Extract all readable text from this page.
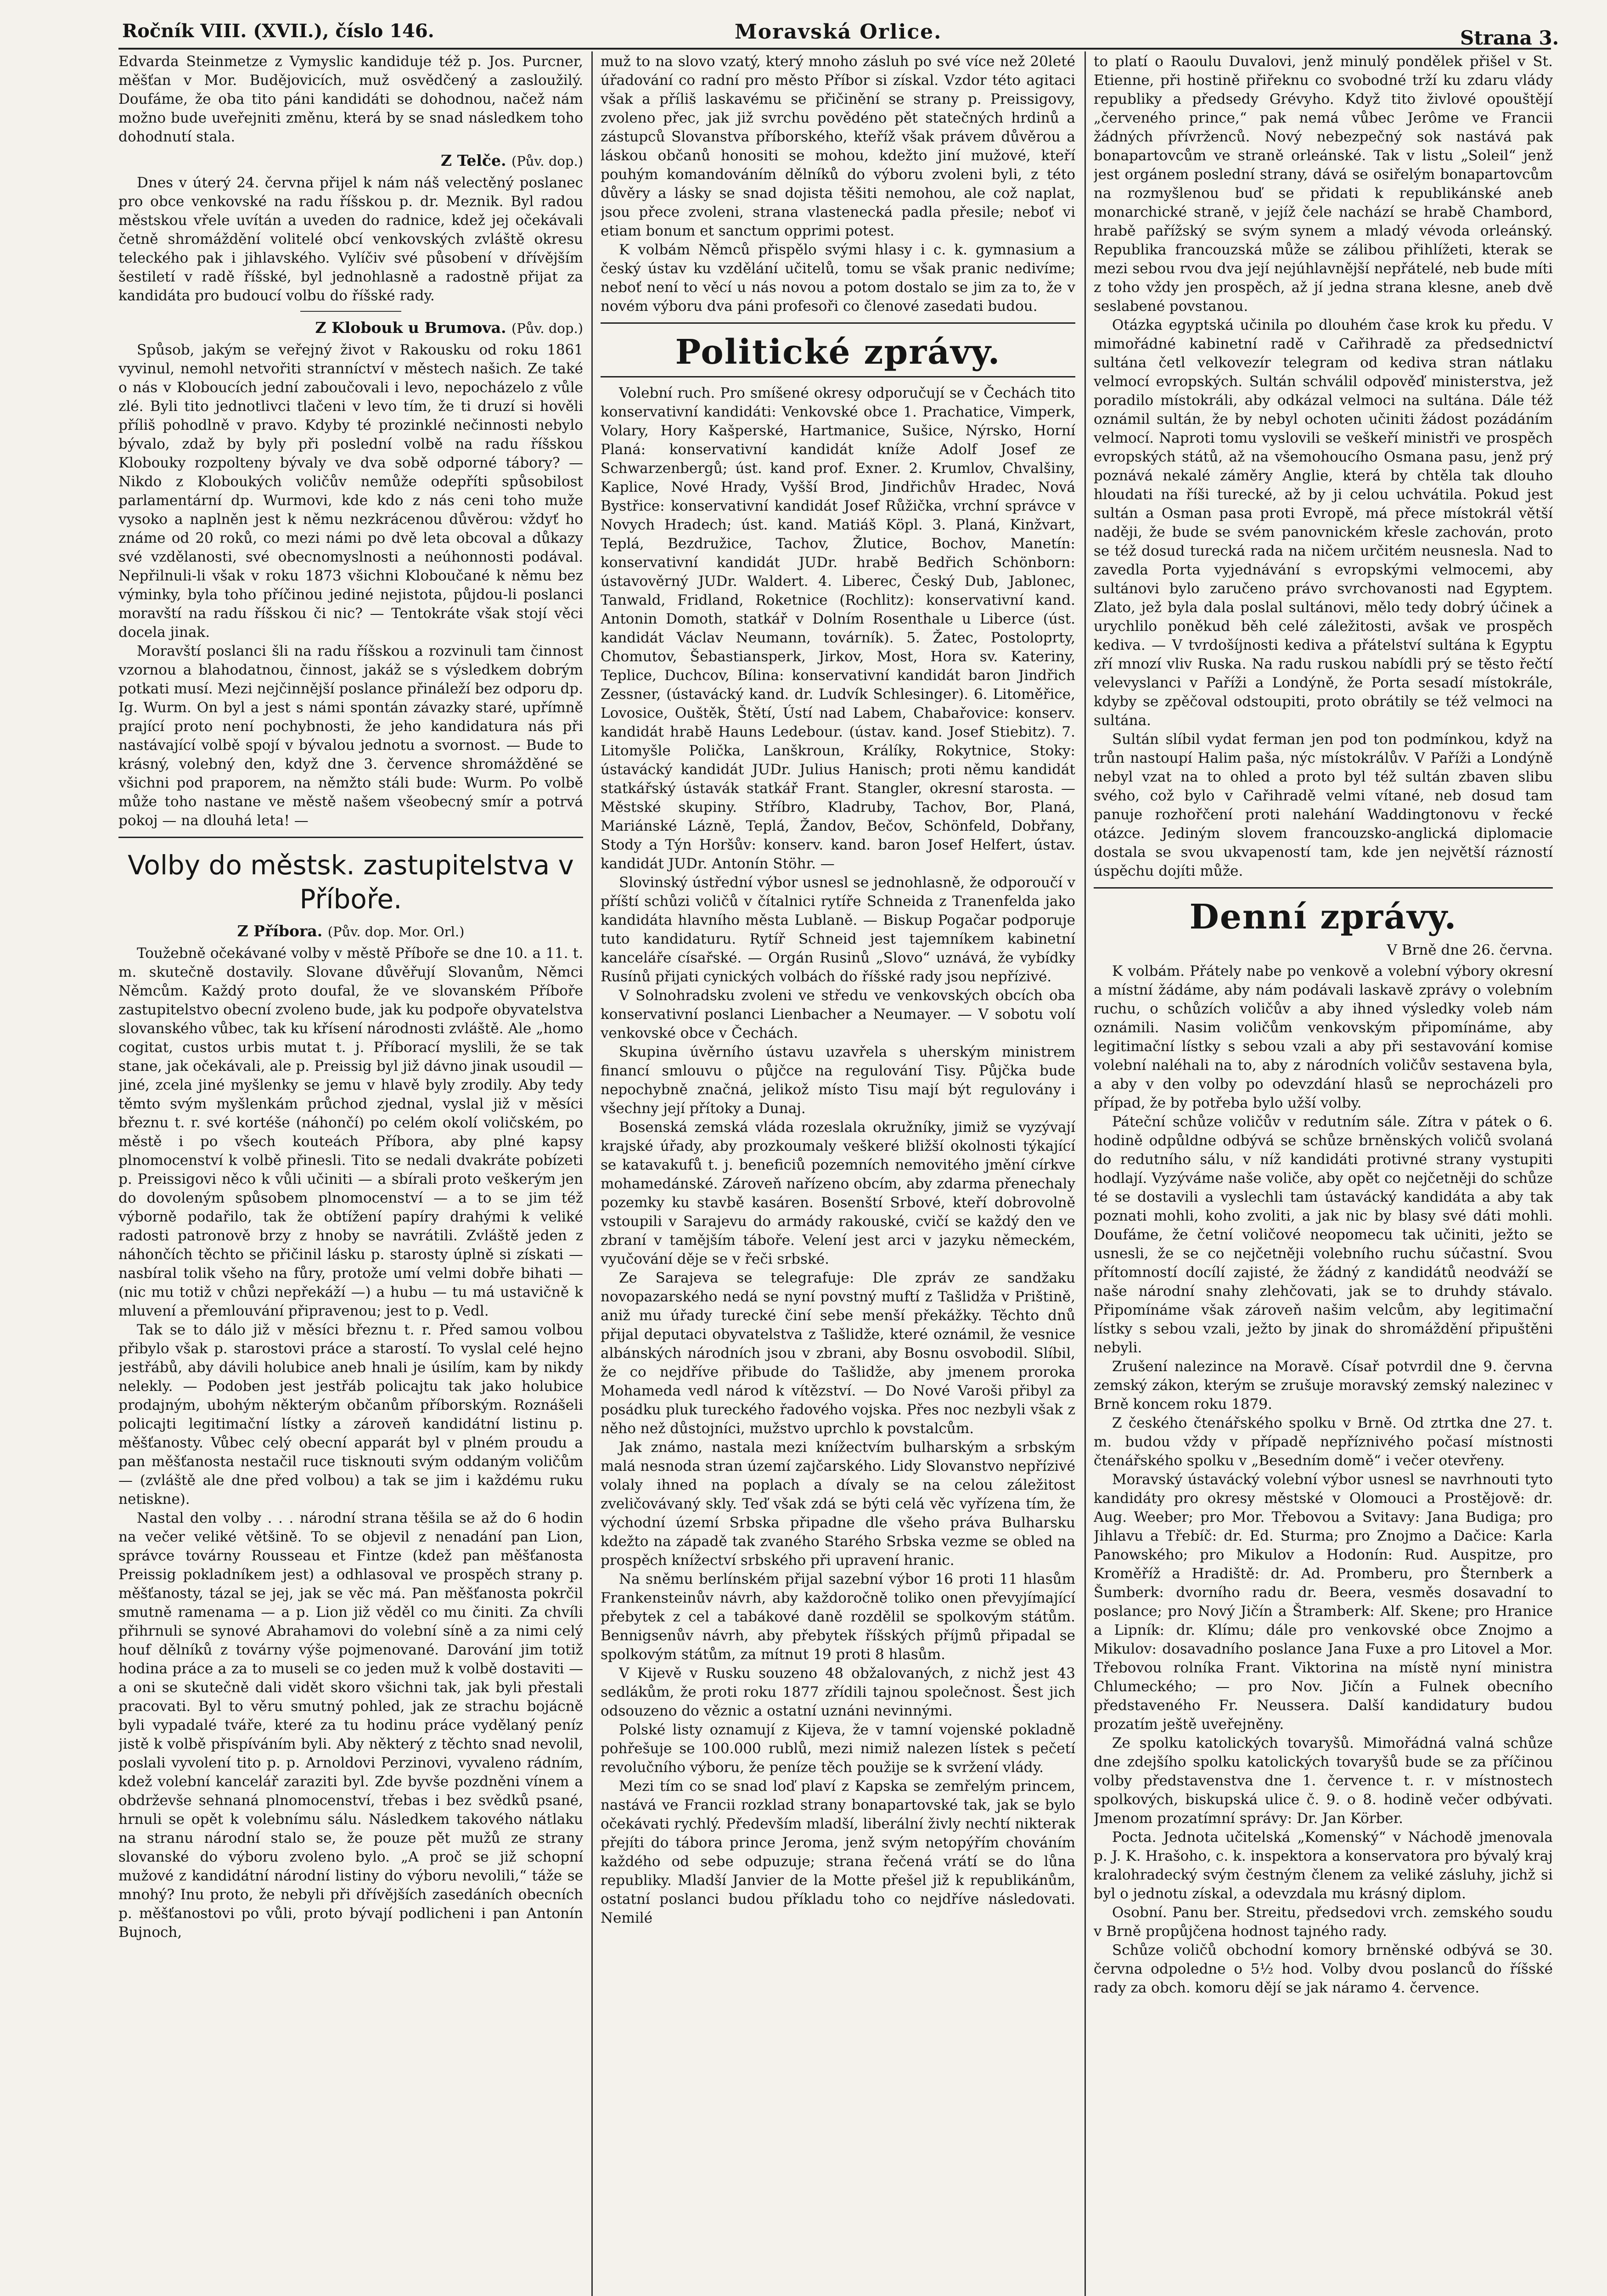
Ročník VIII. (XVII.), číslo 146.	Moravská Orlice.	Strana 3.

Edvarda Steinmetze z Vymyslic kandiduje též p. Jos. Purcner, měšťan v Mor. Budějovicích, muž osvědčený a zasloužilý. Doufáme, že oba tito páni kandidáti se dohodnou, načež nám možno bude uveřejniti změnu, která by se snad následkem toho dohodnutí stala.

Z Telče. (Pův. dop.)

Dnes v úterý 24. června přijel k nám náš velectěný poslanec pro obce venkovské na radu říšskou p. dr. Meznik. Byl radou městskou vřele uvítán a uveden do radnice, kdež jej očekávali četně shromáždění volitelé obcí venkovských zvláště okresu teleckého pak i jihlavského. Vylíčiv své působení v dřívějším šestiletí v radě říšské, byl jednohlasně a radostně přijat za kandidáta pro budoucí volbu do říšské rady.

Z Klobouk u Brumova. (Pův. dop.)

Spůsob, jakým se veřejný život v Rakousku od roku 1861 vyvinul, nemohl netvořiti stranníctví v městech našich. Ze také o nás v Kloboucích jední zaboučovali i levo, nepocházelo z vůle zlé. Byli tito jednotlivci tlačeni v levo tím, že ti druzí si hověli příliš pohodlně v pravo. Kdyby té prozinklé nečinnosti nebylo bývalo, zdaž by byly při poslední volbě na radu říšskou Klobouky rozpolteny bývaly ve dva sobě odporné tábory? — Nikdo z Kloboukých voličův nemůže odepříti spůsobilost parlamentární dp. Wurmovi, kde kdo z nás ceni toho muže vysoko a naplněn jest k němu nezkrácenou důvěrou: vždyť ho známe od 20 roků, co mezi námi po dvě leta obcoval a důkazy své vzdělanosti, své obecnomyslnosti a neúhonnosti podával. Nepřilnuli-li však v roku 1873 všichni Kloboučané k němu bez výminky, byla toho příčinou jediné nejistota, půjdou-li poslanci moravští na radu říšskou či nic? — Tentokráte však stojí věci docela jinak.

Moravští poslanci šli na radu říšskou a rozvinuli tam činnost vzornou a blahodatnou, činnost, jakáž se s výsledkem dobrým potkati musí. Mezi nejčinnější poslance přináleží bez odporu dp. Ig. Wurm. On byl a jest s námi spontán závazky staré, upřímně prající proto není pochybnosti, že jeho kandidatura nás při nastávající volbě spojí v bývalou jednotu a svornost. — Bude to krásný, volebný den, když dne 3. července shromážděné se všichni pod praporem, na němžto stáli bude: Wurm. Po volbě může toho nastane ve městě našem všeobecný smír a potrvá pokoj — na dlouhá leta! —

Volby do městsk. zastupitelstva v Příboře.
Z Příbora. (Pův. dop. Mor. Orl.)

Toužebně očekávané volby v městě Příboře se dne 10. a 11. t. m. skutečně dostavily. Slovane důvěřují Slovanům, Němci Němcům. Každý proto doufal, že ve slovanském Příboře zastupitelstvo obecní zvoleno bude, jak ku podpoře obyvatelstva slovanského vůbec, tak ku křísení národnosti zvláště. Ale „homo cogitat, custos urbis mutat t. j. Příborací myslili, že se tak stane, jak očekávali, ale p. Preissig byl již dávno jinak usoudil — jiné, zcela jiné myšlenky se jemu v hlavě byly zrodily. Aby tedy těmto svým myšlenkám průchod zjednal, vyslal již v měsíci březnu t. r. své kortéše (náhončí) po celém okolí voličském, po městě i po všech kouteách Příbora, aby plné kapsy plnomocenství k volbě přinesli. Tito se nedali dvakráte pobízeti p. Preissigovi něco k vůli učiniti — a sbírali proto veškerým jen do dovoleným spůsobem plnomocenství — a to se jim též výborně podařilo, tak že obtížení papíry drahými k veliké radosti patronově brzy z hnoby se navrátili. Zvláště jeden z náhončích těchto se přičinil lásku p. starosty úplně si získati — nasbíral tolik všeho na fůry, protože umí velmi dobře bihati — (nic mu totiž v chůzi nepřekáží —) a hubu — tu má ustavičně k mluvení a přemlouvání připravenou; jest to p. Vedl.

Tak se to dálo již v měsíci březnu t. r. Před samou volbou přibylo však p. starostovi práce a starostí. To vyslal celé hejno jestřábů, aby dávili holubice aneb hnali je úsilím, kam by nikdy nelekly. — Podoben jest jestřáb policajtu tak jako holubice prodajným, ubohým některým občanům příborským. Roznášeli policajti legitimační lístky a zároveň kandidátní listinu p. měšťanosty. Vůbec celý obecní apparát byl v plném proudu a pan měšťanosta nestačil ruce tisknouti svým oddaným voličům — (zvláště ale dne před volbou) a tak se jim i každému ruku netiskne).

Nastal den volby . . . národní strana těšila se až do 6 hodin na večer veliké většině. To se objevil z nenadání pan Lion, správce továrny Rousseau et Fintze (kdež pan měšťanosta Preissig pokladníkem jest) a odhlasoval ve prospěch strany p. měšťanosty, tázal se jej, jak se věc má. Pan měšťanosta pokrčil smutně ramenama — a p. Lion již věděl co mu činiti. Za chvíli přihrnuli se synové Abrahamovi do volební síně a za nimi celý houf dělníků z továrny výše pojmenované. Darování jim totiž hodina práce a za to museli se co jeden muž k volbě dostaviti — a oni se skutečně dali vidět skoro všichni tak, jak byli přestali pracovati. Byl to věru smutný pohled, jak ze strachu bojácně byli vypadalé tváře, které za tu hodinu práce vydělaný peníz jistě k volbě přispíváním byli. Aby některý z těchto snad nevolil, poslali vyvolení tito p. p. Arnoldovi Perzinovi, vyvaleno rádním, kdež volební kancelář zaraziti byl. Zde byvše pozdněni vínem a obdrževše sehnaná plnomocenství, třebas i bez svědků psané, hrnuli se opět k volebnímu sálu. Následkem takového nátlaku na stranu národní stalo se, že pouze pět mužů ze strany slovanské do výboru zvoleno bylo. „A proč se již schopní mužové z kandidátní národní listiny do výboru nevolili,“ táže se mnohý? Inu proto, že nebyli při dřívějších zasedáních obecních p. měšťanostovi po vůli, proto bývají podlicheni i pan Antonín Bujnoch,

muž to na slovo vzatý, který mnoho zásluh po své více než 20leté úřadování co radní pro město Příbor si získal. Vzdor této agitaci však a příliš laskavému se přičinění se strany p. Preissigovy, zvoleno přec, jak již svrchu povědéno pět statečných hrdinů a zástupců Slovanstva příborského, kteříž však právem důvěrou a láskou občanů honositi se mohou, kdežto jiní mužové, kteří pouhým komandováním dělníků do výboru zvoleni byli, z této důvěry a lásky se snad dojista těšiti nemohou, ale což naplat, jsou přece zvoleni, strana vlastenecká padla přesile; neboť vi etiam bonum et sanctum opprimi potest.

K volbám Němců přispělo svými hlasy i c. k. gymnasium a český ústav ku vzdělání učitelů, tomu se však pranic nedivíme; neboť není to věcí u nás novou a potom dostalo se jim za to, že v novém výboru dva páni profesoři co členové zasedati budou.

Politické zprávy.

Volební ruch. Pro smíšené okresy odporučují se v Čechách tito konservativní kandidáti: Venkovské obce 1. Prachatice, Vimperk, Volary, Hory Kašperské, Hartmanice, Sušice, Nýrsko, Horní Planá: konservativní kandidát kníže Adolf Josef ze Schwarzenbergů; úst. kand prof. Exner. 2. Krumlov, Chvalšiny, Kaplice, Nové Hrady, Vyšší Brod, Jindřichův Hradec, Nová Bystřice: konservativní kandidát Josef Růžička, vrchní správce v Novych Hradech; úst. kand. Matiáš Köpl. 3. Planá, Kinžvart, Teplá, Bezdružice, Tachov, Žlutice, Bochov, Manetín: konservativní kandidát JUDr. hrabě Bedřich Schönborn: ústavověrný JUDr. Waldert. 4. Liberec, Český Dub, Jablonec, Tanwald, Fridland, Roketnice (Rochlitz): konservativní kand. Antonin Domoth, statkář v Dolním Rosenthale u Liberce (úst. kandidát Václav Neumann, továrník). 5. Žatec, Postoloprty, Chomutov, Šebastiansperk, Jirkov, Most, Hora sv. Kateriny, Teplice, Duchcov, Bílina: konservativní kandidát baron Jindřich Zessner, (ústavácký kand. dr. Ludvík Schlesinger). 6. Litoměřice, Lovosice, Ouštěk, Štětí, Ústí nad Labem, Chabařovice: konserv. kandidát hrabě Hauns Ledebour. (ústav. kand. Josef Stiebitz). 7. Litomyšle Polička, Lanškroun, Králíky, Rokytnice, Stoky: ústavácký kandidát JUDr. Julius Hanisch; proti němu kandidát statkářský ústavák statkář Frant. Stangler, okresní starosta. — Městské skupiny. Stříbro, Kladruby, Tachov, Bor, Planá, Mariánské Lázně, Teplá, Žandov, Bečov, Schönfeld, Dobřany, Stody a Týn Horšův: konserv. kand. baron Josef Helfert, ústav. kandidát JUDr. Antonín Stöhr. —

Slovinský ústřední výbor usnesl se jednohlasně, že odporoučí v příští schůzi voličů v čítalnici rytíře Schneida z Tranenfelda jako kandidáta hlavního města Lublaně. — Biskup Pogačar podporuje tuto kandidaturu. Rytíř Schneid jest tajemníkem kabinetní kanceláře císařské. — Orgán Rusinů „Slovo“ uznává, že vybídky Rusínů přijati cynických volbách do říšské rady jsou nepřízivé.

V Solnohradsku zvoleni ve středu ve venkovských obcích oba konservativní poslanci Lienbacher a Neumayer. — V sobotu volí venkovské obce v Čechách.

Skupina úvěrního ústavu uzavřela s uherským ministrem financí smlouvu o půjčce na regulování Tisy. Půjčka bude nepochybně značná, jelikož místo Tisu mají být regulovány i všechny její přítoky a Dunaj.

Bosenská zemská vláda rozeslala okružníky, jimiž se vyzývají krajské úřady, aby prozkoumaly veškeré bližší okolnosti týkající se katavakufů t. j. beneficiů pozemních nemovitého jmění církve mohamedánské. Zároveň nařízeno obcím, aby zdarma přenechaly pozemky ku stavbě kasáren. Bosenští Srbové, kteří dobrovolně vstoupili v Sarajevu do armády rakouské, cvičí se každý den ve zbraní v tamějším táboře. Velení jest arci v jazyku německém, vyučování děje se v řeči srbské.

Ze Sarajeva se telegrafuje: Dle zpráv ze sandžaku novopazarského nedá se nyní povstný muftí z Tašlidža v Prištině, aniž mu úřady turecké činí sebe menší překážky. Těchto dnů přijal deputaci obyvatelstva z Tašlidže, které oznámil, že vesnice albánských národních jsou v zbrani, aby Bosnu osvobodil. Slíbil, že co nejdříve přibude do Tašlidže, aby jmenem proroka Mohameda vedl národ k vítězství. — Do Nové Varoši přibyl za posádku pluk tureckého řadového vojska. Přes noc nezbyli však z něho než důstojníci, mužstvo uprchlo k povstalcům.

Jak známo, nastala mezi knížectvím bulharským a srbským malá nesnoda stran území zajčarského. Lidy Slovanstvo nepřízivé volaly ihned na poplach a dívaly se na celou záležitost zveličovávaný skly. Teď však zdá se býti celá věc vyřízena tím, že východní území Srbska připadne dle všeho práva Bulharsku kdežto na západě tak zvaného Starého Srbska vezme se obled na prospěch knížectví srbského při upravení hranic.

Na sněmu berlínském přijal sazební výbor 16 proti 11 hlasům Frankensteinův návrh, aby každoročně toliko onen převyjímající přebytek z cel a tabákové daně rozdělil se spolkovým státům. Bennigsenův návrh, aby přebytek říšských příjmů připadal se spolkovým státům, za mítnut 19 proti 8 hlasům.

V Kijevě v Rusku souzeno 48 obžalovaných, z nichž jest 43 sedlákům, že proti roku 1877 zřídili tajnou společnost. Šest jich odsouzeno do věznic a ostatní uznáni nevinnými.

Polské listy oznamují z Kijeva, že v tamní vojenské pokladně pohřešuje se 100.000 rublů, mezi nimiž nalezen lístek s pečetí revolučního výboru, že peníze těch použije se k svržení vlády.

Mezi tím co se snad loď plaví z Kapska se zemřelým princem, nastává ve Francii rozklad strany bonapartovské tak, jak se bylo očekávati rychlý. Především mladší, liberální živly nechtí nikterak přejíti do tábora prince Jeroma, jenž svým netopýřím chováním každého od sebe odpuzuje; strana řečená vrátí se do lůna republiky. Mladší Janvier de la Motte přešel již k republikánům, ostatní poslanci budou příkladu toho co nejdříve následovati. Nemilé

to platí o Raoulu Duvalovi, jenž minulý pondělek přišel v St. Etienne, při hostině přiřeknu co svobodné trží ku zdaru vlády republiky a předsedy Grévyho. Když tito živlové opouštějí „červeného prince,“ pak nemá vůbec Jerôme ve Francii žádných přívrženců. Nový nebezpečný sok nastává pak bonapartovcům ve straně orleánské. Tak v listu „Soleil“ jenž jest orgánem poslední strany, dává se osiřelým bonapartovcům na rozmyšlenou buď se přidati k republikánské aneb monarchické straně, v jejíž čele nachází se hrabě Chambord, hrabě pařížský se svým synem a mladý vévoda orleánský. Republika francouzská může se zálibou přihlížeti, kterak se mezi sebou rvou dva její nejúhlavnější nepřátelé, neb bude míti z toho vždy jen prospěch, až jí jedna strana klesne, aneb dvě seslabené povstanou.

Otázka egyptská učinila po dlouhém čase krok ku předu. V mimořádné kabinetní radě v Cařihradě za předsednictví sultána četl velkovezír telegram od kediva stran nátlaku velmocí evropských. Sultán schválil odpověď ministerstva, jež poradilo místokráli, aby odkázal velmoci na sultána. Dále též oznámil sultán, že by nebyl ochoten učiniti žádost pozádáním velmocí. Naproti tomu vyslovili se veškeří ministři ve prospěch evropských států, až na všemohoucího Osmana pasu, jenž prý poznává nekalé záměry Anglie, která by chtěla tak dlouho hloudati na říši turecké, až by ji celou uchvátila. Pokud jest sultán a Osman pasa proti Evropě, má přece místokrál větší naději, že bude se svém panovnickém křesle zachován, proto se též dosud turecká rada na ničem určitém neusnesla. Nad to zavedla Porta vyjednávání s evropskými velmocemi, aby sultánovi bylo zaručeno právo svrchovanosti nad Egyptem. Zlato, jež byla dala poslal sultánovi, mělo tedy dobrý účinek a urychlilo poněkud běh celé záležitosti, avšak ve prospěch kediva. — V tvrdošíjnosti kediva a přátelství sultána k Egyptu zří mnozí vliv Ruska. Na radu ruskou nabídli prý se těsto řečtí velevyslanci v Paříži a Londýně, že Porta sesadí místokrále, kdyby se zpěčoval odstoupiti, proto obrátily se též velmoci na sultána.

Sultán slíbil vydat ferman jen pod ton podmínkou, když na trůn nastoupí Halim paša, nýc místokrálův. V Paříži a Londýně nebyl vzat na to ohled a proto byl též sultán zbaven slibu svého, což bylo v Cařihradě velmi vítané, neb dosud tam panuje rozhořčení proti nalehání Waddingtonovu v řecké otázce. Jediným slovem francouzsko-anglická diplomacie dostala se svou ukvapeností tam, kde jen největší rázností úspěchu dojíti může.

Denní zprávy.

V Brně dne 26. června.

K volbám. Přátely nabe po venkově a volební výbory okresní a místní žádáme, aby nám podávali laskavě zprávy o volebním ruchu, o schůzích voličův a aby ihned výsledky voleb nám oznámili. Nasim voličům venkovským připomínáme, aby legitimační lístky s sebou vzali a aby při sestavování komise volební naléhali na to, aby z národních voličův sestavena byla, a aby v den volby po odevzdání hlasů se neprocházeli pro případ, že by potřeba bylo užší volby.

Páteční schůze voličův v redutním sále. Zítra v pátek o 6. hodině odpůldne odbývá se schůze brněnských voličů svolaná do redutního sálu, v níž kandidáti protivné strany vystupiti hodlají. Vyzýváme naše voliče, aby opět co nejčetněji do schůze té se dostavili a vyslechli tam ústavácký kandidáta a aby tak poznati mohli, koho zvoliti, a jak nic by blasy své dáti mohli. Doufáme, že četní voličové neopomecu tak učiniti, ježto se usnesli, že se co nejčetněji volebního ruchu súčastní. Svou přítomností docílí zajisté, že žádný z kandidátů neodváží se naše národní snahy zlehčovati, jak se to druhdy stávalo. Připomínáme však zároveň našim velcům, aby legitimační lístky s sebou vzali, ježto by jinak do shromáždění připuštěni nebyli.

Zrušení nalezince na Moravě. Císař potvrdil dne 9. června zemský zákon, kterým se zrušuje moravský zemský nalezinec v Brně koncem roku 1879.

Z českého čtenářského spolku v Brně. Od ztrtka dne 27. t. m. budou vždy v případě nepříznivého počasí místnosti čtenářského spolku v „Besedním domě“ i večer otevřeny.

Moravský ústavácký volební výbor usnesl se navrhnouti tyto kandidáty pro okresy městské v Olomouci a Prostějově: dr. Aug. Weeber; pro Mor. Třebovou a Svitavy: Jana Budiga; pro Jihlavu a Třebíč: dr. Ed. Sturma; pro Znojmo a Dačice: Karla Panowského; pro Mikulov a Hodonín: Rud. Auspitze, pro Kroměříž a Hradiště: dr. Ad. Promberu, pro Šternberk a Šumberk: dvorního radu dr. Beera, vesměs dosavadní to poslance; pro Nový Jičín a Štramberk: Alf. Skene; pro Hranice a Lipník: dr. Klímu; dále pro venkovské obce Znojmo a Mikulov: dosavadního poslance Jana Fuxe a pro Litovel a Mor. Třebovou rolníka Frant. Viktorina na místě nyní ministra Chlumeckého; — pro Nov. Jičín a Fulnek obecního představeného Fr. Neussera. Další kandidatury budou prozatím ještě uveřejněny.

Ze spolku katolických tovaryšů. Mimořádná valná schůze dne zdejšího spolku katolických tovaryšů bude se za příčinou volby představenstva dne 1. července t. r. v místnostech spolkových, biskupská ulice č. 9. o 8. hodině večer odbývati. Jmenom prozatímní správy: Dr. Jan Körber.

Pocta. Jednota učitelská „Komenský“ v Náchodě jmenovala p. J. K. Hrašoho, c. k. inspektora a konservatora pro bývalý kraj kralohradecký svým čestným členem za veliké zásluhy, jichž si byl o jednotu získal, a odevzdala mu krásný diplom.

Osobní. Panu ber. Streitu, předsedovi vrch. zemského soudu v Brně propůjčena hodnost tajného rady.

Schůze voličů obchodní komory brněnské odbývá se 30. června odpoledne o 5½ hod. Volby dvou poslanců do říšské rady za obch. komoru dějí se jak náramo 4. července.
